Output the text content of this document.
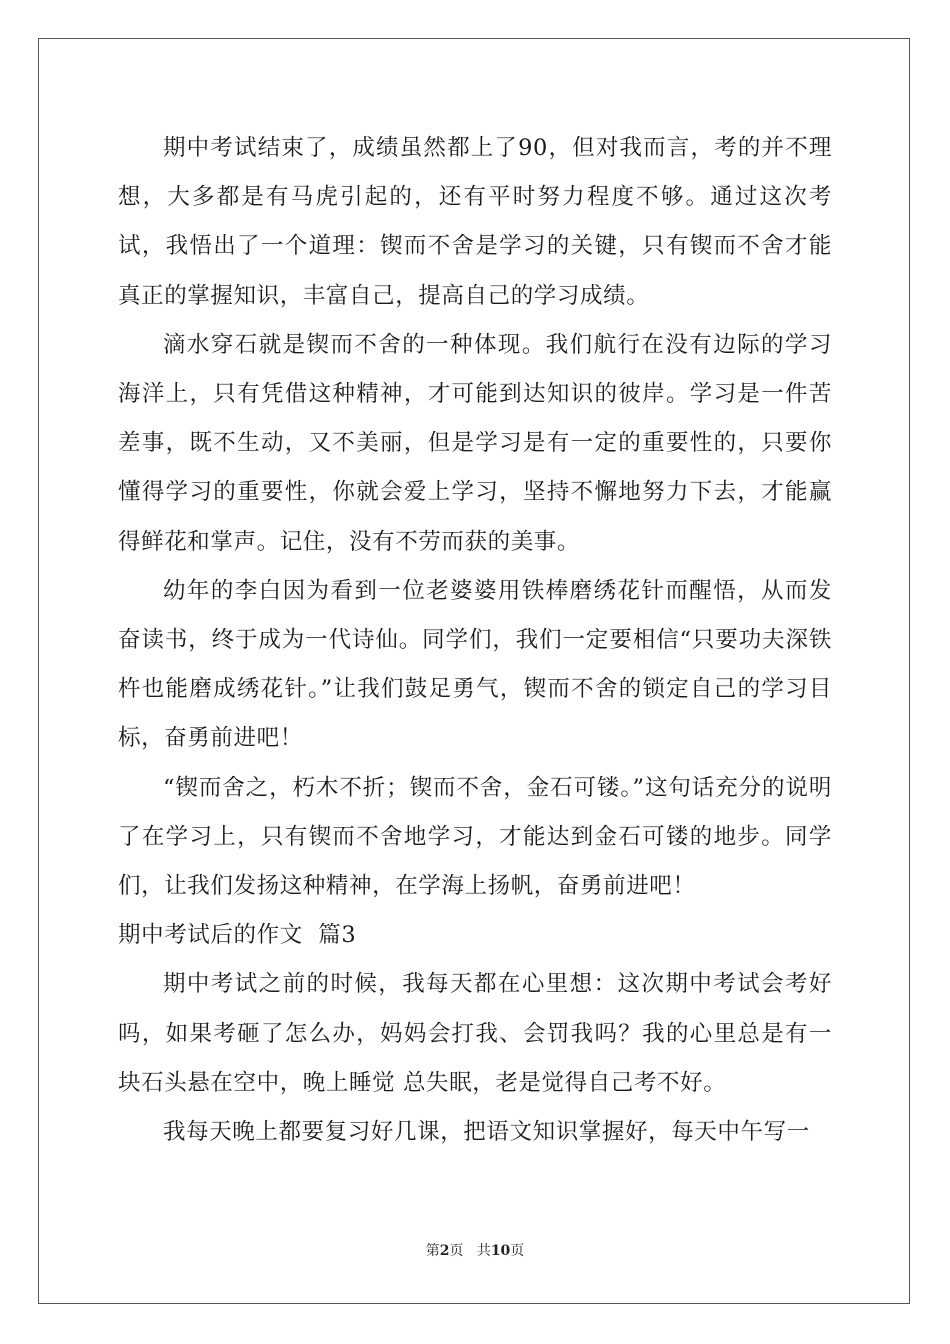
期中考试结束了，成绩虽然都上了90，但对我而言，考的并不理想，大多都是有马虎引起的，还有平时努力程度不够。通过这次考试，我悟出了一个道理：锲而不舍是学习的关键，只有锲而不舍才能真正的掌握知识，丰富自己，提高自己的学习成绩。

滴水穿石就是锲而不舍的一种体现。我们航行在没有边际的学习海洋上，只有凭借这种精神，才可能到达知识的彼岸。学习是一件苦差事，既不生动，又不美丽，但是学习是有一定的重要性的，只要你懂得学习的重要性，你就会爱上学习，坚持不懈地努力下去，才能赢得鲜花和掌声。记住，没有不劳而获的美事。

幼年的李白因为看到一位老婆婆用铁棒磨绣花针而醒悟，从而发奋读书，终于成为一代诗仙。同学们，我们一定要相信“只要功夫深铁杵也能磨成绣花针。”让我们鼓足勇气，锲而不舍的锁定自己的学习目标，奋勇前进吧！

“锲而舍之，朽木不折；锲而不舍，金石可镂。”这句话充分的说明了在学习上，只有锲而不舍地学习，才能达到金石可镂的地步。同学们，让我们发扬这种精神，在学海上扬帆，奋勇前进吧！

期中考试后的作文  篇3

期中考试之前的时候，我每天都在心里想：这次期中考试会考好吗，如果考砸了怎么办，妈妈会打我、会罚我吗？我的心里总是有一块石头悬在空中，晚上睡觉 总失眠，老是觉得自己考不好。

我每天晚上都要复习好几课，把语文知识掌握好，每天中午写一

第2页 共10页
